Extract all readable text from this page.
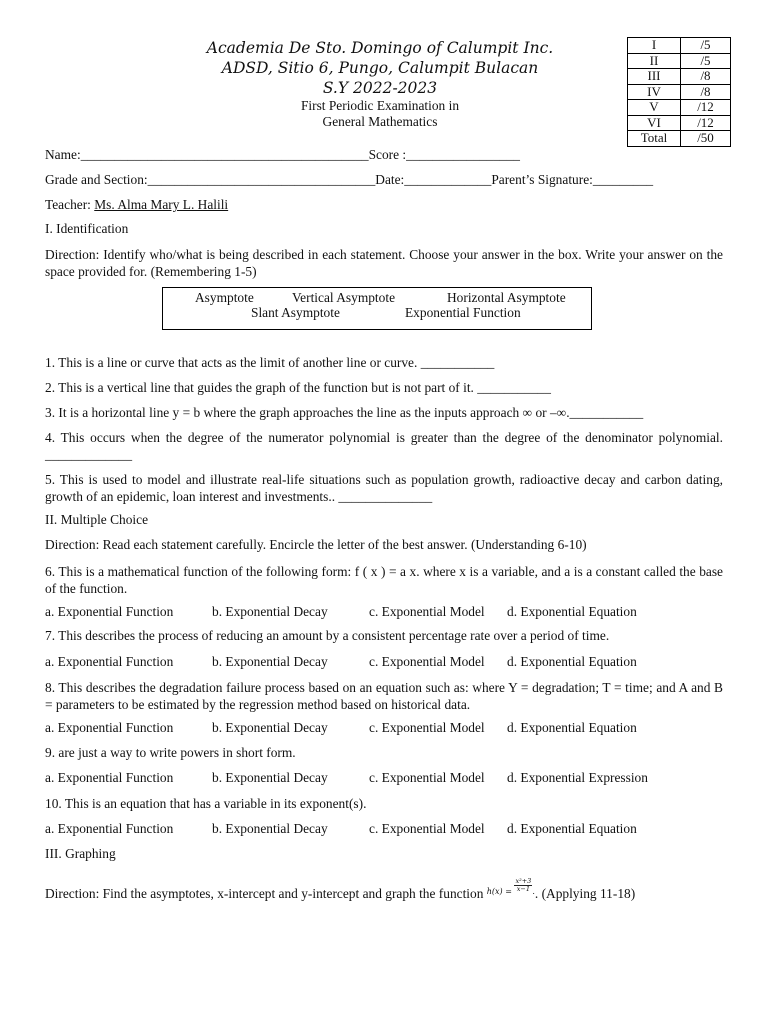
Academia De Sto. Domingo of Calumpit Inc.
ADSD, Sitio 6, Pungo, Calumpit Bulacan
S.Y 2022-2023
First Periodic Examination in
General Mathematics
I	/5
II	/5
III	/8
IV	/8
V	/12
VI	/12
Total	/50
Name:___________________________________________Score :_________________
Grade and Section:__________________________________Date:_____________Parent’s Signature:_________
Teacher: Ms. Alma Mary L. Halili
I. Identification
Direction: Identify who/what is being described in each statement. Choose your answer in the box. Write your answer on the space provided for. (Remembering 1-5)
Asymptote	Vertical Asymptote	Horizontal Asymptote
Slant Asymptote	Exponential Function
1. This is a line or curve that acts as the limit of another line or curve. ___________
2. This is a vertical line that guides the graph of the function but is not part of it. ___________
3. It is a horizontal line y = b where the graph approaches the line as the inputs approach ∞ or –∞.___________
4. This occurs when the degree of the numerator polynomial is greater than the degree of the denominator polynomial. _____________
5. This is used to model and illustrate real-life situations such as population growth, radioactive decay and carbon dating, growth of an epidemic, loan interest and investments.. ______________
II. Multiple Choice
Direction: Read each statement carefully. Encircle the letter of the best answer. (Understanding 6-10)
6. This is a mathematical function of the following form: f ( x ) = a x. where x is a variable, and a is a constant called the base of the function.
a. Exponential Function	b. Exponential Decay	c. Exponential Model d. Exponential Equation
7. This describes the process of reducing an amount by a consistent percentage rate over a period of time.
a. Exponential Function	b. Exponential Decay	c. Exponential Model d. Exponential Equation
8. This describes the degradation failure process based on an equation such as: where Y = degradation; T = time; and A and B = parameters to be estimated by the regression method based on historical data.
a. Exponential Function	b. Exponential Decay	c. Exponential Model d. Exponential Equation
9. are just a way to write powers in short form.
a. Exponential Function	b. Exponential Decay	c. Exponential Model d. Exponential Expression
10. This is an equation that has a variable in its exponent(s).
a. Exponential Function	b. Exponential Decay	c. Exponential Model d. Exponential Equation
III. Graphing
Direction: Find the asymptotes, x-intercept and y-intercept and graph the function $^{h(x) = \frac{\text{x²+3}}{x-1} .}$. (Applying 11-18)
